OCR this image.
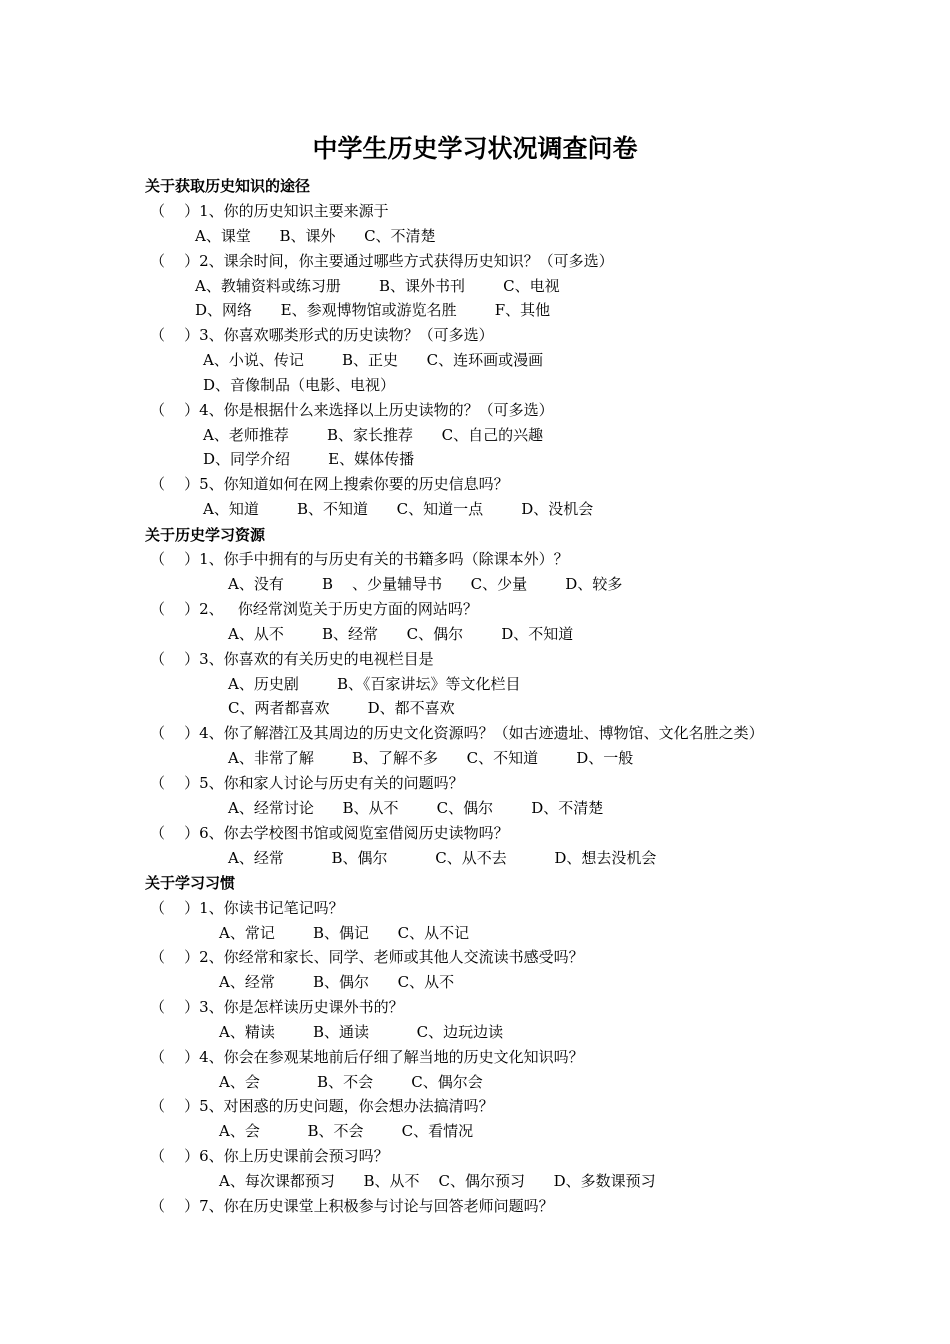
中学生历史学习状况调查问卷
关于获取历史知识的途径
（    ）1、你的历史知识主要来源于
A、课堂      B、课外      C、不清楚
（    ）2、课余时间，你主要通过哪些方式获得历史知识？（可多选）
A、教辅资料或练习册        B、课外书刊        C、电视
D、网络      E、参观博物馆或游览名胜        F、其他
（    ）3、你喜欢哪类形式的历史读物？（可多选）
A、小说、传记        B、正史      C、连环画或漫画
D、音像制品（电影、电视）
（    ）4、你是根据什么来选择以上历史读物的？（可多选）
A、老师推荐        B、家长推荐      C、自己的兴趣
D、同学介绍        E、媒体传播
（    ）5、你知道如何在网上搜索你要的历史信息吗？
A、知道        B、不知道      C、知道一点        D、没机会
关于历史学习资源
（    ）1、你手中拥有的与历史有关的书籍多吗（除课本外）？
A、没有        B    、少量辅导书      C、少量        D、较多
（    ）2、   你经常浏览关于历史方面的网站吗？
A、从不        B、经常      C、偶尔        D、不知道
（    ）3、你喜欢的有关历史的电视栏目是
A、历史剧        B、《百家讲坛》等文化栏目
C、两者都喜欢        D、都不喜欢
（    ）4、你了解潜江及其周边的历史文化资源吗？（如古迹遗址、博物馆、文化名胜之类）
A、非常了解        B、了解不多      C、不知道        D、一般
（    ）5、你和家人讨论与历史有关的问题吗？
A、经常讨论      B、从不        C、偶尔        D、不清楚
（    ）6、你去学校图书馆或阅览室借阅历史读物吗？
A、经常          B、偶尔          C、从不去          D、想去没机会
关于学习习惯
（    ）1、你读书记笔记吗？
A、常记        B、偶记      C、从不记
（    ）2、你经常和家长、同学、老师或其他人交流读书感受吗？
A、经常        B、偶尔      C、从不
（    ）3、你是怎样读历史课外书的？
A、精读        B、通读          C、边玩边读
（    ）4、你会在参观某地前后仔细了解当地的历史文化知识吗？
A、会            B、不会        C、偶尔会
（    ）5、对困惑的历史问题，你会想办法搞清吗？
A、会          B、不会        C、看情况
（    ）6、你上历史课前会预习吗？
A、每次课都预习      B、从不    C、偶尔预习      D、多数课预习
（    ）7、你在历史课堂上积极参与讨论与回答老师问题吗？
